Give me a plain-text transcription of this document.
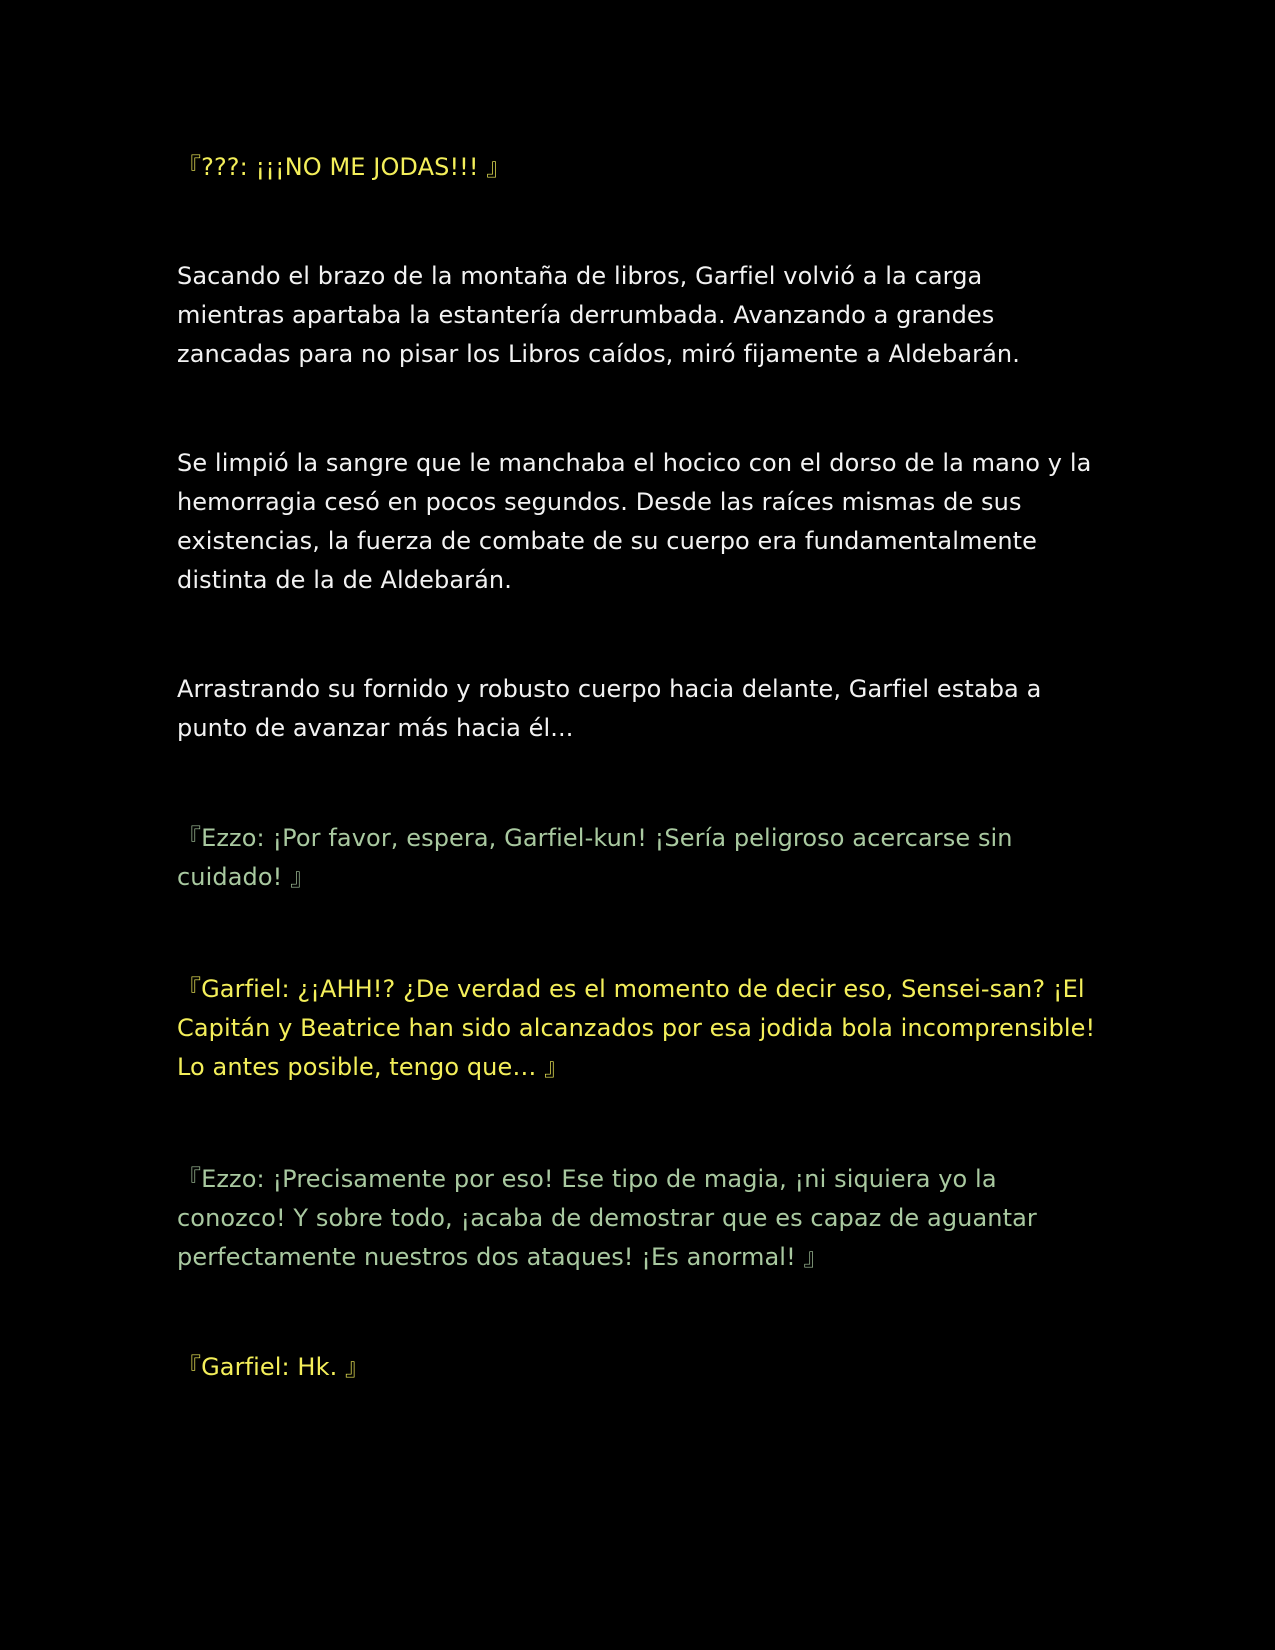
『???: ¡¡¡NO ME JODAS!!! 』

Sacando el brazo de la montaña de libros, Garfiel volvió a la carga mientras apartaba la estantería derrumbada. Avanzando a grandes zancadas para no pisar los Libros caídos, miró fijamente a Aldebarán.

Se limpió la sangre que le manchaba el hocico con el dorso de la mano y la hemorragia cesó en pocos segundos. Desde las raíces mismas de sus existencias, la fuerza de combate de su cuerpo era fundamentalmente distinta de la de Aldebarán.

Arrastrando su fornido y robusto cuerpo hacia delante, Garfiel estaba a punto de avanzar más hacia él...

『Ezzo: ¡Por favor, espera, Garfiel-kun! ¡Sería peligroso acercarse sin cuidado! 』

『Garfiel: ¿¡AHH!? ¿De verdad es el momento de decir eso, Sensei-san? ¡El Capitán y Beatrice han sido alcanzados por esa jodida bola incomprensible! Lo antes posible, tengo que… 』

『Ezzo: ¡Precisamente por eso! Ese tipo de magia, ¡ni siquiera yo la conozco! Y sobre todo, ¡acaba de demostrar que es capaz de aguantar perfectamente nuestros dos ataques! ¡Es anormal! 』

『Garfiel: Hk. 』
